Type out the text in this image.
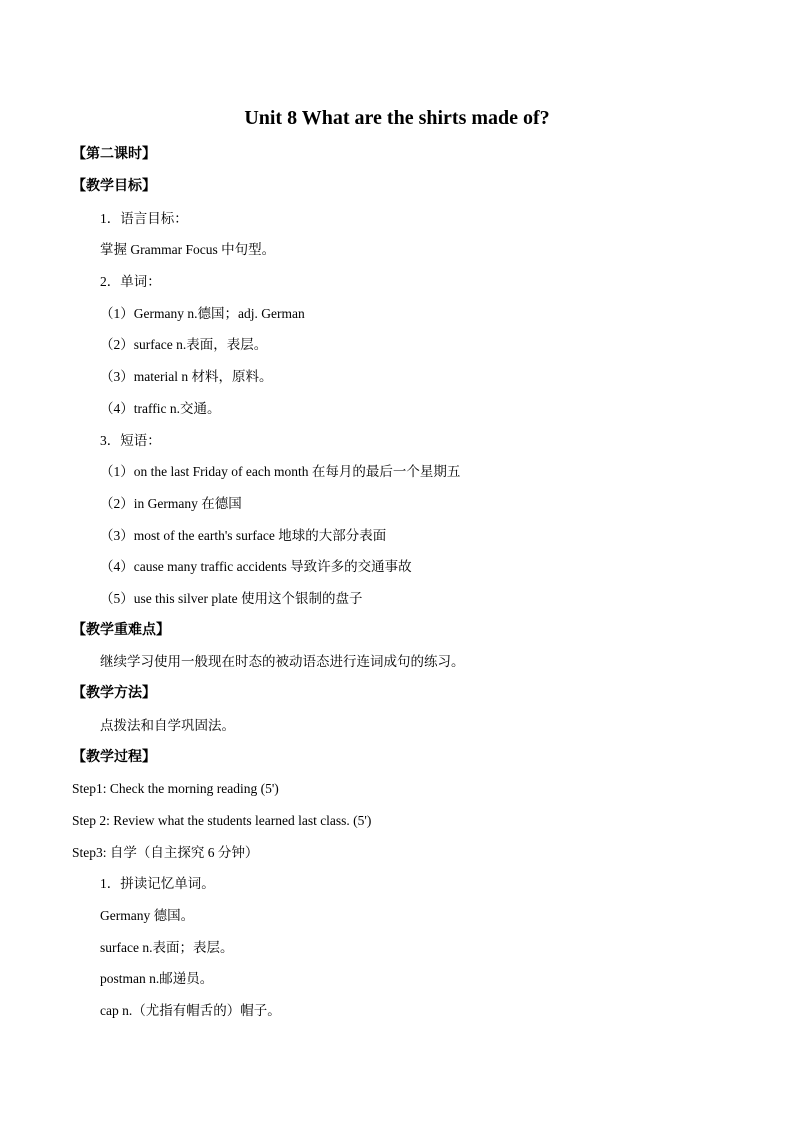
Unit 8 What are the shirts made of?
【第二课时】
【教学目标】
1．语言目标：
掌握 Grammar Focus 中句型。
2．单词：
（1）Germany n.德国；adj. German
（2）surface n.表面，表层。
（3）material n 材料，原料。
（4）traffic n.交通。
3．短语：
（1）on the last Friday of each month 在每月的最后一个星期五
（2）in Germany 在德国
（3）most of the earth's surface 地球的大部分表面
（4）cause many traffic accidents 导致许多的交通事故
（5）use this silver plate 使用这个银制的盘子
【教学重难点】
继续学习使用一般现在时态的被动语态进行连词成句的练习。
【教学方法】
点拨法和自学巩固法。
【教学过程】
Step1: Check the morning reading (5')
Step 2: Review what the students learned last class. (5')
Step3: 自学（自主探究 6 分钟）
1．拼读记忆单词。
Germany 德国。
surface n.表面；表层。
postman n.邮递员。
cap n.（尤指有帽舌的）帽子。
